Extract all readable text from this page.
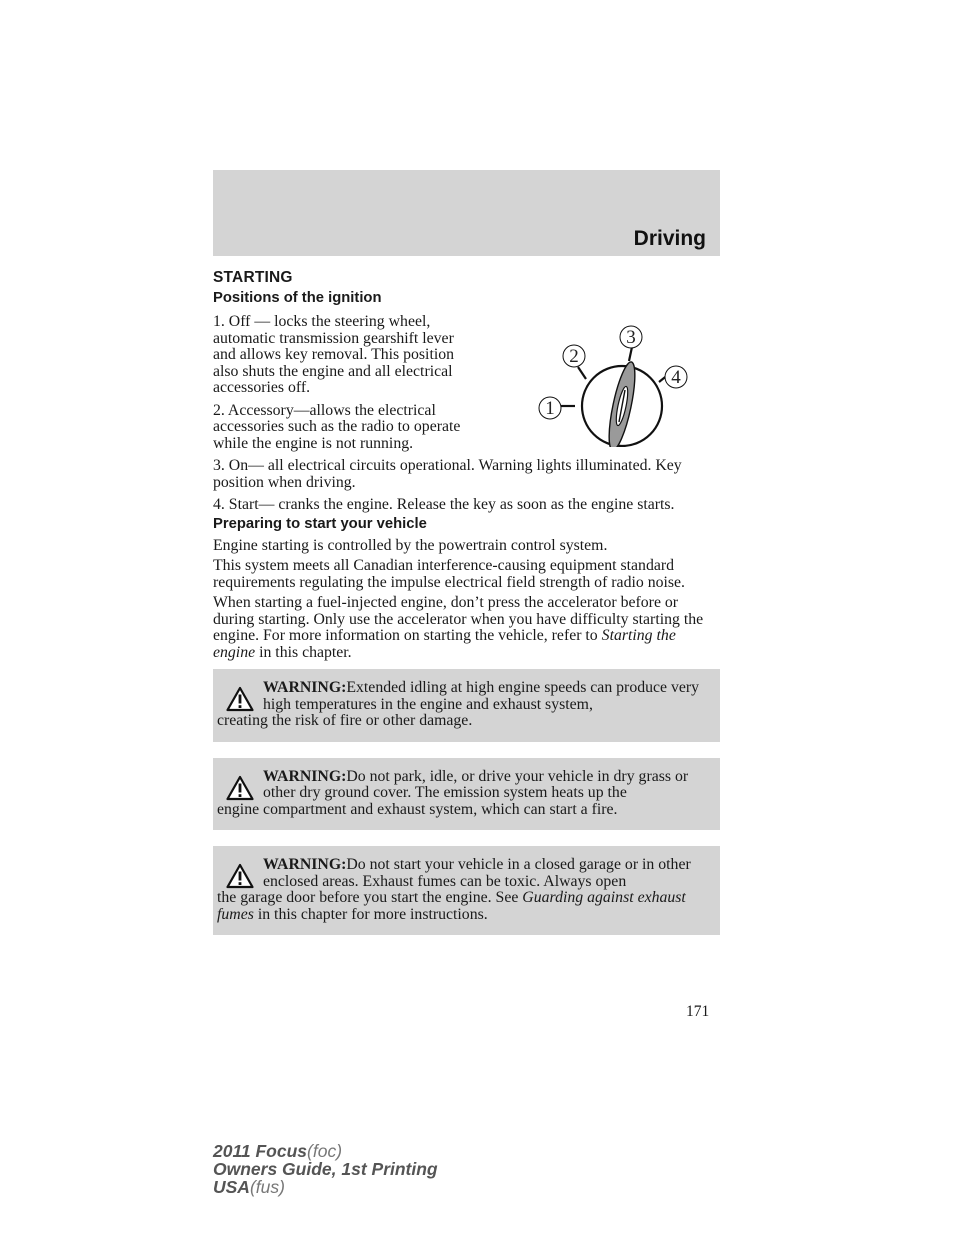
Driving
STARTING
Positions of the ignition

1. Off — locks the steering wheel, automatic transmission gearshift lever and allows key removal. This position also shuts the engine and all electrical accessories off.

2. Accessory—allows the electrical accessories such as the radio to operate while the engine is not running.

3. On— all electrical circuits operational. Warning lights illuminated. Key position when driving.

4. Start— cranks the engine. Release the key as soon as the engine starts.

Preparing to start your vehicle

Engine starting is controlled by the powertrain control system.

This system meets all Canadian interference-causing equipment standard requirements regulating the impulse electrical field strength of radio noise.

When starting a fuel-injected engine, don’t press the accelerator before or during starting. Only use the accelerator when you have difficulty starting the engine. For more information on starting the vehicle, refer to Starting the engine in this chapter.

WARNING:Extended idling at high engine speeds can produce very high temperatures in the engine and exhaust system,

creating the risk of fire or other damage.

WARNING:Do not park, idle, or drive your vehicle in dry grass or other dry ground cover. The emission system heats up the

engine compartment and exhaust system, which can start a fire.

WARNING:Do not start your vehicle in a closed garage or in other enclosed areas. Exhaust fumes can be toxic. Always open

the garage door before you start the engine. See Guarding against exhaust fumes in this chapter for more instructions.

1
2
3
4
171
2011 Focus(foc)
Owners Guide, 1st Printing
USA(fus)
